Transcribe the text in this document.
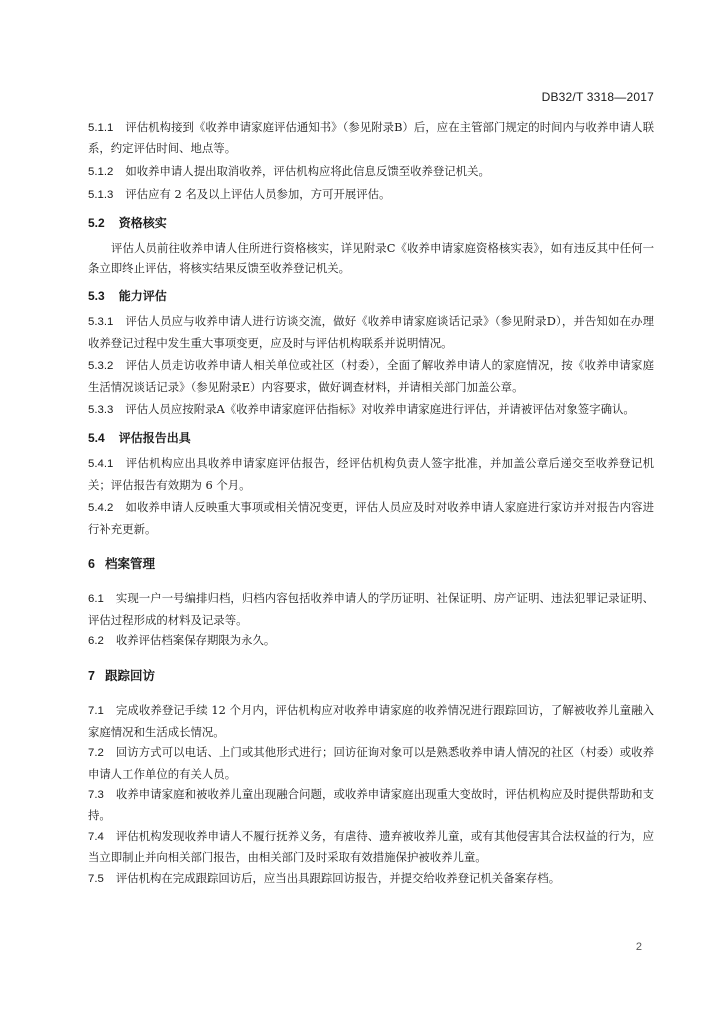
DB32/T 3318—2017

5.1.1 评估机构接到《收养申请家庭评估通知书》（参见附录B）后，应在主管部门规定的时间内与收养申请人联系，约定评估时间、地点等。

5.1.2 如收养申请人提出取消收养，评估机构应将此信息反馈至收养登记机关。

5.1.3 评估应有 2 名及以上评估人员参加，方可开展评估。

5.2 资格核实

评估人员前往收养申请人住所进行资格核实，详见附录C《收养申请家庭资格核实表》，如有违反其中任何一条立即终止评估，将核实结果反馈至收养登记机关。

5.3 能力评估

5.3.1 评估人员应与收养申请人进行访谈交流，做好《收养申请家庭谈话记录》（参见附录D），并告知如在办理收养登记过程中发生重大事项变更，应及时与评估机构联系并说明情况。

5.3.2 评估人员走访收养申请人相关单位或社区（村委），全面了解收养申请人的家庭情况，按《收养申请家庭生活情况谈话记录》（参见附录E）内容要求，做好调查材料，并请相关部门加盖公章。

5.3.3 评估人员应按附录A《收养申请家庭评估指标》对收养申请家庭进行评估，并请被评估对象签字确认。

5.4 评估报告出具

5.4.1 评估机构应出具收养申请家庭评估报告，经评估机构负责人签字批准，并加盖公章后递交至收养登记机关；评估报告有效期为 6 个月。

5.4.2 如收养申请人反映重大事项或相关情况变更，评估人员应及时对收养申请人家庭进行家访并对报告内容进行补充更新。

6 档案管理

6.1 实现一户一号编排归档，归档内容包括收养申请人的学历证明、社保证明、房产证明、违法犯罪记录证明、评估过程形成的材料及记录等。

6.2 收养评估档案保存期限为永久。

7 跟踪回访

7.1 完成收养登记手续 12 个月内，评估机构应对收养申请家庭的收养情况进行跟踪回访，了解被收养儿童融入家庭情况和生活成长情况。

7.2 回访方式可以电话、上门或其他形式进行；回访征询对象可以是熟悉收养申请人情况的社区（村委）或收养申请人工作单位的有关人员。

7.3 收养申请家庭和被收养儿童出现融合问题，或收养申请家庭出现重大变故时，评估机构应及时提供帮助和支持。

7.4 评估机构发现收养申请人不履行抚养义务，有虐待、遗弃被收养儿童，或有其他侵害其合法权益的行为，应当立即制止并向相关部门报告，由相关部门及时采取有效措施保护被收养儿童。

7.5 评估机构在完成跟踪回访后，应当出具跟踪回访报告，并提交给收养登记机关备案存档。

2
